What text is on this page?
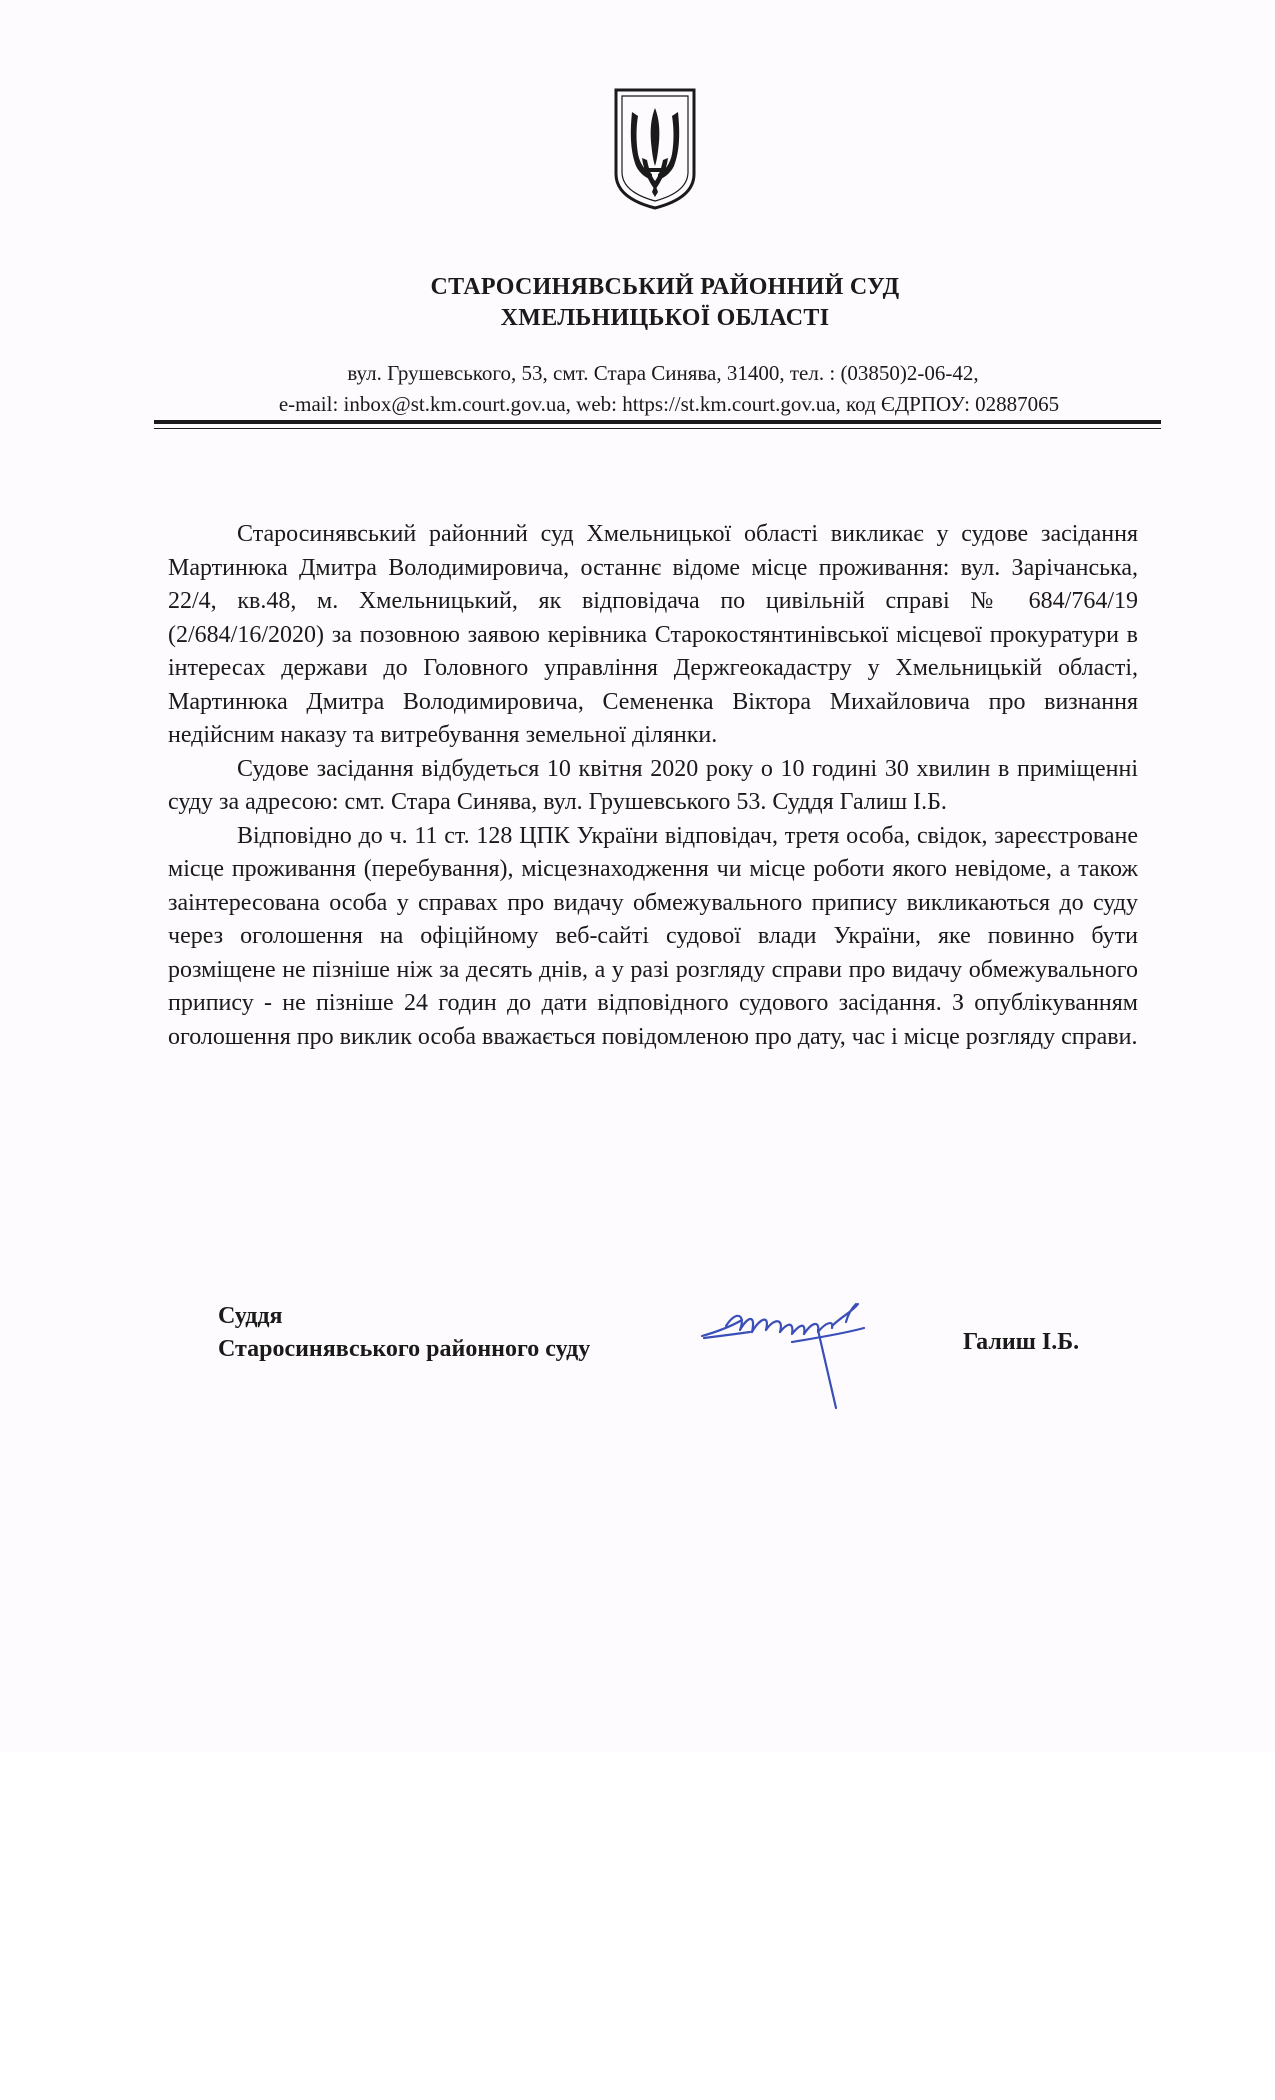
СТАРОСИНЯВСЬКИЙ РАЙОННИЙ СУД
ХМЕЛЬНИЦЬКОЇ ОБЛАСТІ
вул. Грушевського, 53, смт. Стара Синява, 31400, тел. : (03850)2-06-42,
e-mail: inbox@st.km.court.gov.ua, web: https://st.km.court.gov.ua, код ЄДРПОУ: 02887065

Старосинявський районний суд Хмельницької області викликає у судове засідання Мартинюка Дмитра Володимировича, останнє відоме місце проживання: вул. Зарічанська, 22/4, кв.48, м. Хмельницький, як відповідача по цивільній справі № 684/764/19 (2/684/16/2020) за позовною заявою керівника Старокостянтинівської місцевої прокуратури в інтересах держави до Головного управління Держгеокадастру у Хмельницькій області, Мартинюка Дмитра Володимировича, Семененка Віктора Михайловича про визнання недійсним наказу та витребування земельної ділянки.

Судове засідання відбудеться 10 квітня 2020 року о 10 годині 30 хвилин в приміщенні суду за адресою: смт. Стара Синява, вул. Грушевського 53. Суддя Галиш І.Б.

Відповідно до ч. 11 ст. 128 ЦПК України відповідач, третя особа, свідок, зареєстроване місце проживання (перебування), місцезнаходження чи місце роботи якого невідоме, а також заінтересована особа у справах про видачу обмежувального припису викликаються до суду через оголошення на офіційному веб-сайті судової влади України, яке повинно бути розміщене не пізніше ніж за десять днів, а у разі розгляду справи про видачу обмежувального припису - не пізніше 24 годин до дати відповідного судового засідання. З опублікуванням оголошення про виклик особа вважається повідомленою про дату, час і місце розгляду справи.

Суддя
Старосинявського районного суду	Галиш І.Б.
